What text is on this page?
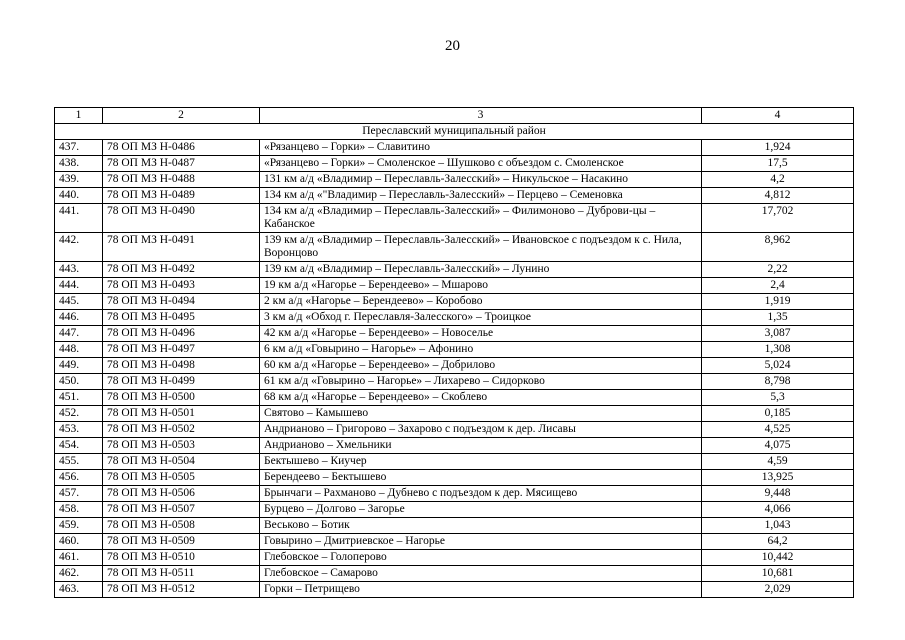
20
1	2	3	4
Переславский муниципальный район			
437.	78 ОП МЗ Н-0486	«Рязанцево – Горки» – Славитино	1,924
438.	78 ОП МЗ Н-0487	«Рязанцево – Горки» – Смоленское – Шушково с объездом с. Смоленское	17,5
439.	78 ОП МЗ Н-0488	131 км а/д «Владимир – Переславль-Залесский» – Никульское – Насакино	4,2
440.	78 ОП МЗ Н-0489	134 км а/д «"Владимир – Переславль-Залесский» – Перцево – Семеновка	4,812
441.	78 ОП МЗ Н-0490	134 км а/д «Владимир – Переславль-Залесский» – Филимоново – Дуброви-цы – Кабанское	17,702
442.	78 ОП МЗ Н-0491	139 км а/д «Владимир – Переславль-Залесский» – Ивановское с подъездом к с. Нила, Воронцово	8,962
443.	78 ОП МЗ Н-0492	139 км а/д «Владимир – Переславль-Залесский» – Лунино	2,22
444.	78 ОП МЗ Н-0493	19 км а/д «Нагорье – Берендеево» – Мшарово	2,4
445.	78 ОП МЗ Н-0494	2 км а/д «Нагорье – Берендеево» – Коробово	1,919
446.	78 ОП МЗ Н-0495	3 км а/д «Обход г. Переславля-Залесского» – Троицкое	1,35
447.	78 ОП МЗ Н-0496	42 км а/д «Нагорье – Берендеево» – Новоселье	3,087
448.	78 ОП МЗ Н-0497	6 км а/д «Говырино – Нагорье» – Афонино	1,308
449.	78 ОП МЗ Н-0498	60 км а/д «Нагорье – Берендеево» – Добрилово	5,024
450.	78 ОП МЗ Н-0499	61 км а/д «Говырино – Нагорье» – Лихарево – Сидорково	8,798
451.	78 ОП МЗ Н-0500	68 км а/д «Нагорье – Берендеево» – Скоблево	5,3
452.	78 ОП МЗ Н-0501	Святово – Камышево	0,185
453.	78 ОП МЗ Н-0502	Андрианово – Григорово – Захарово с подъездом к дер. Лисавы	4,525
454.	78 ОП МЗ Н-0503	Андрианово – Хмельники	4,075
455.	78 ОП МЗ Н-0504	Бектышево – Киучер	4,59
456.	78 ОП МЗ Н-0505	Берендеево – Бектышево	13,925
457.	78 ОП МЗ Н-0506	Брынчаги – Рахманово – Дубнево с подъездом к дер. Мясищево	9,448
458.	78 ОП МЗ Н-0507	Бурцево – Долгово – Загорье	4,066
459.	78 ОП МЗ Н-0508	Веськово – Ботик	1,043
460.	78 ОП МЗ Н-0509	Говырино – Дмитриевское – Нагорье	64,2
461.	78 ОП МЗ Н-0510	Глебовское – Голоперово	10,442
462.	78 ОП МЗ Н-0511	Глебовское – Самарово	10,681
463.	78 ОП МЗ Н-0512	Горки – Петрищево	2,029
